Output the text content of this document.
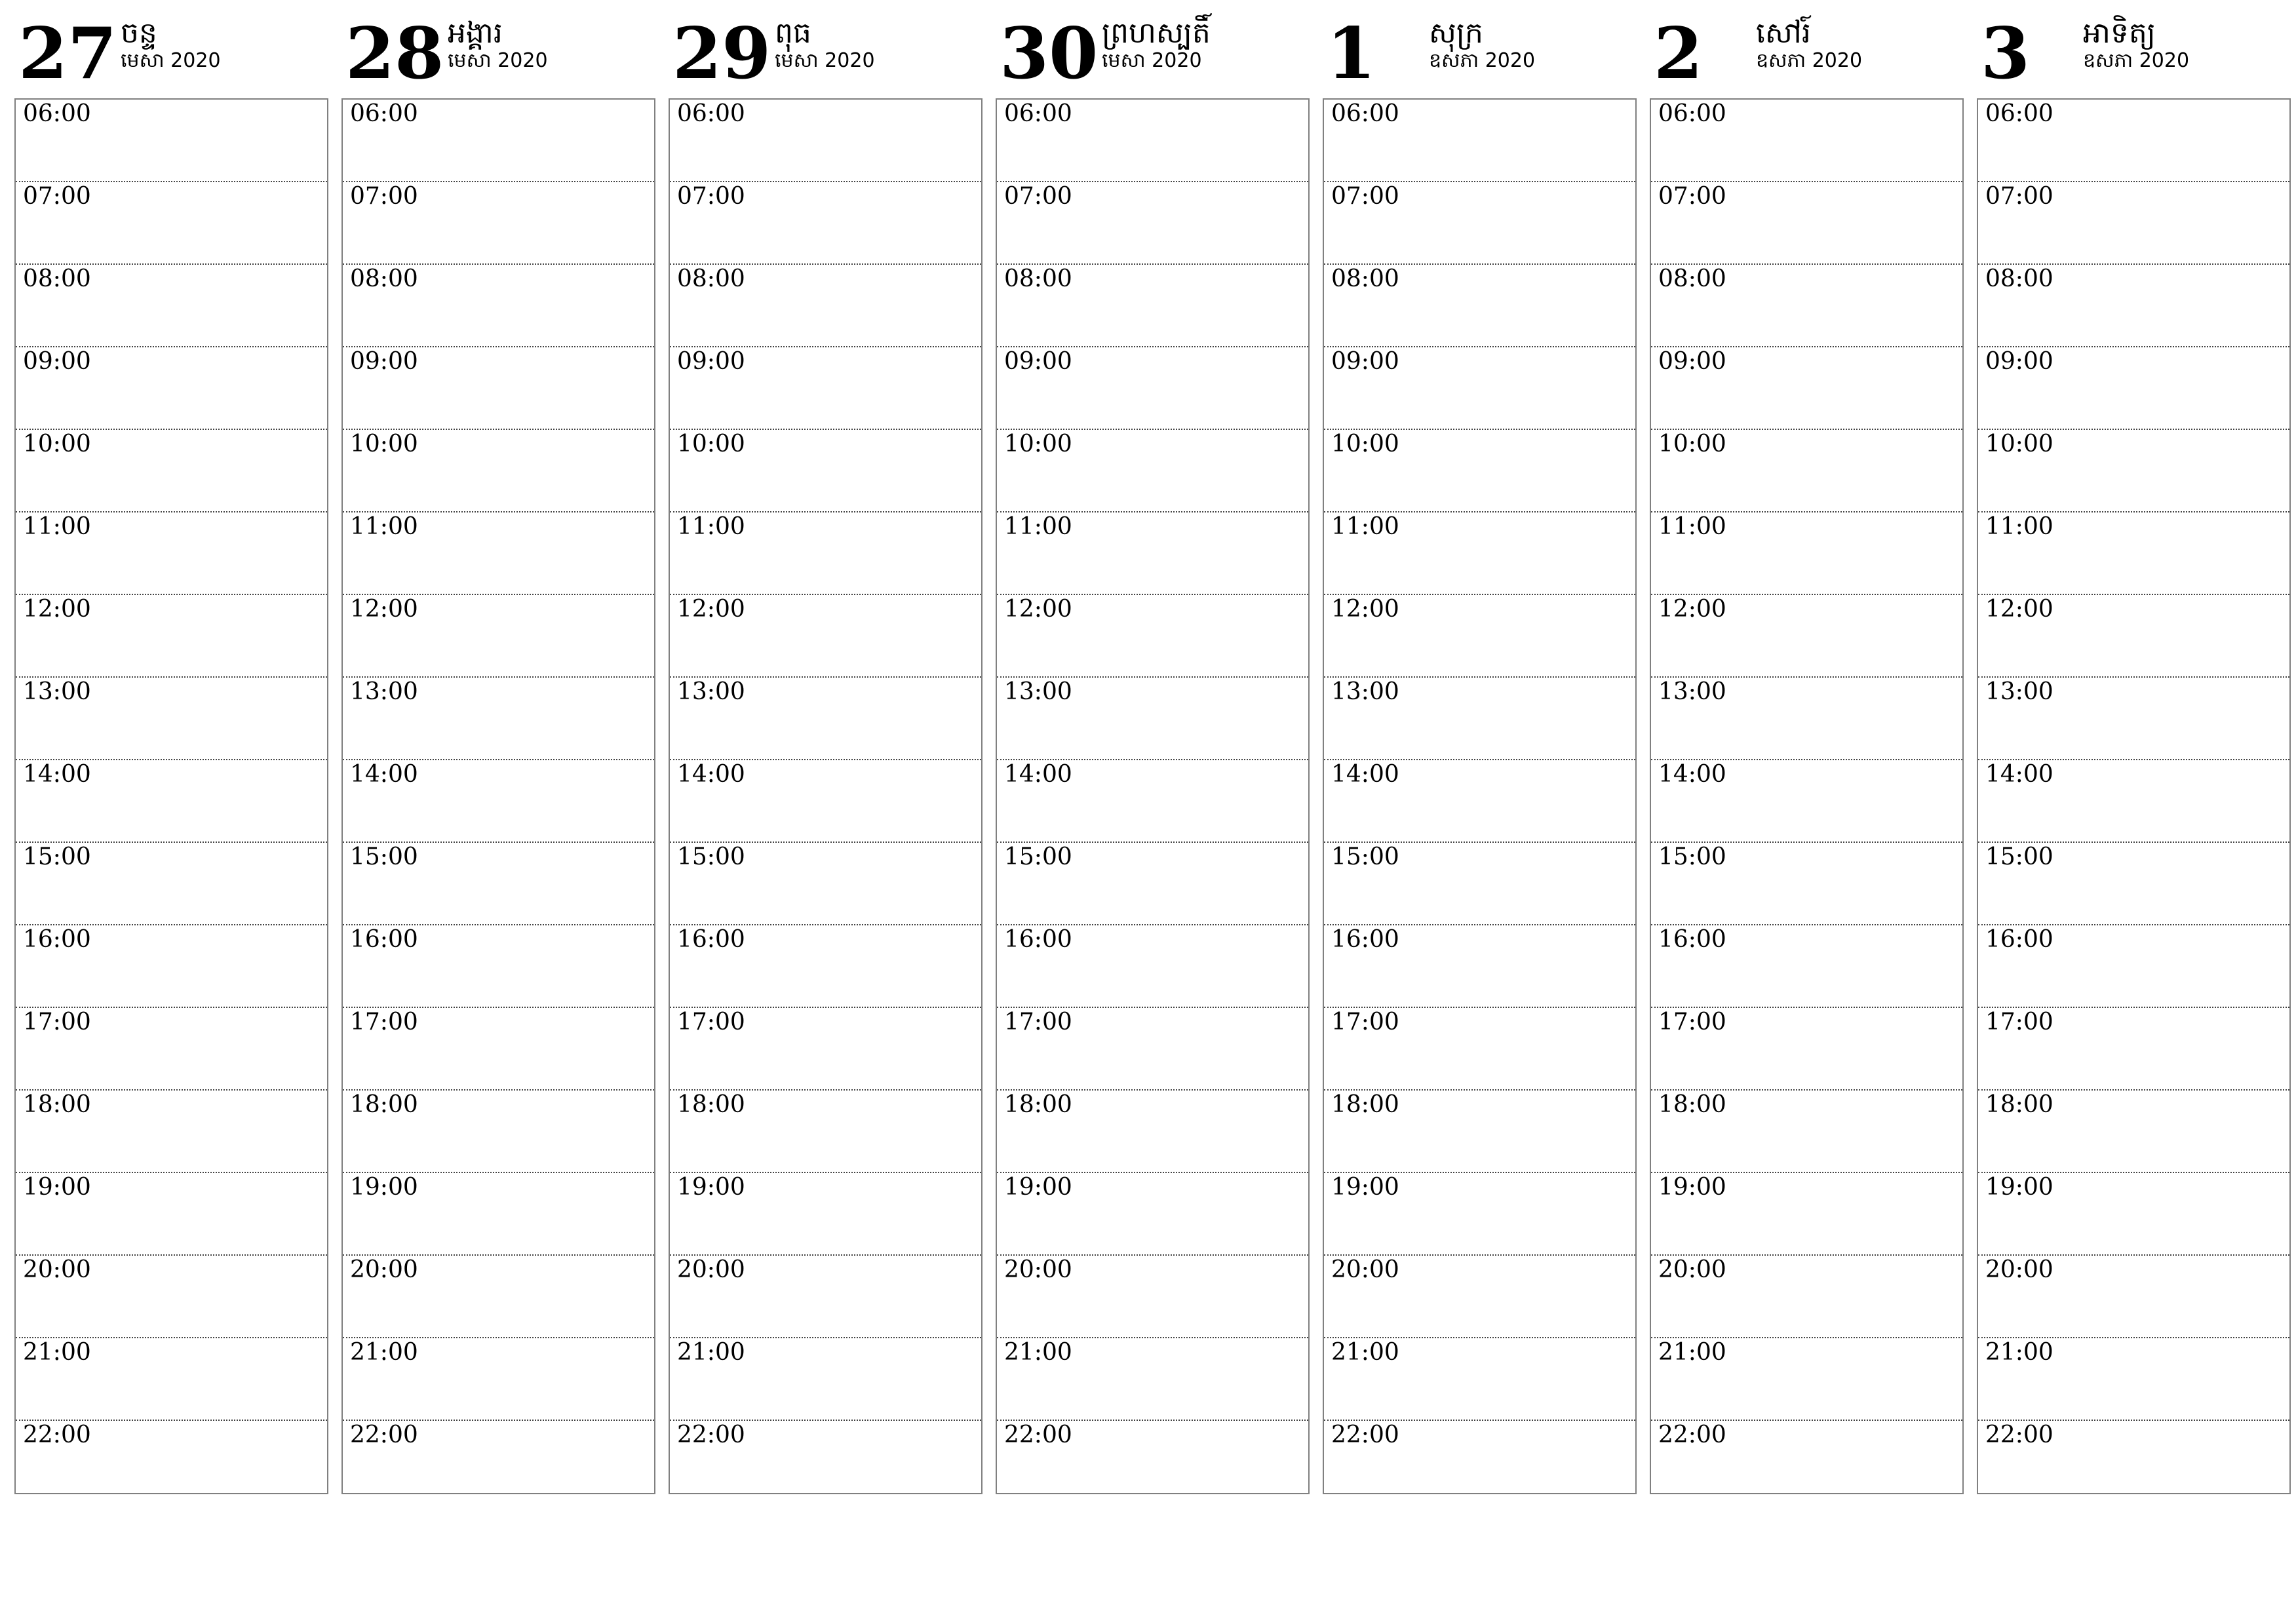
27 ចន្ទ
មេសា 2020
06:00
07:00
08:00
09:00
10:00
11:00
12:00
13:00
14:00
15:00
16:00
17:00
18:00
19:00
20:00
21:00
22:00
28 អង្គារ
មេសា 2020
06:00
07:00
08:00
09:00
10:00
11:00
12:00
13:00
14:00
15:00
16:00
17:00
18:00
19:00
20:00
21:00
22:00
29 ពុធ
មេសា 2020
06:00
07:00
08:00
09:00
10:00
11:00
12:00
13:00
14:00
15:00
16:00
17:00
18:00
19:00
20:00
21:00
22:00
30 ព្រហស្បតិ៍
មេសា 2020
06:00
07:00
08:00
09:00
10:00
11:00
12:00
13:00
14:00
15:00
16:00
17:00
18:00
19:00
20:00
21:00
22:00
1 សុក្រ
ឧសភា 2020
06:00
07:00
08:00
09:00
10:00
11:00
12:00
13:00
14:00
15:00
16:00
17:00
18:00
19:00
20:00
21:00
22:00
2 សៅរ៍
ឧសភា 2020
06:00
07:00
08:00
09:00
10:00
11:00
12:00
13:00
14:00
15:00
16:00
17:00
18:00
19:00
20:00
21:00
22:00
3 អាទិត្យ
ឧសភា 2020
06:00
07:00
08:00
09:00
10:00
11:00
12:00
13:00
14:00
15:00
16:00
17:00
18:00
19:00
20:00
21:00
22:00
